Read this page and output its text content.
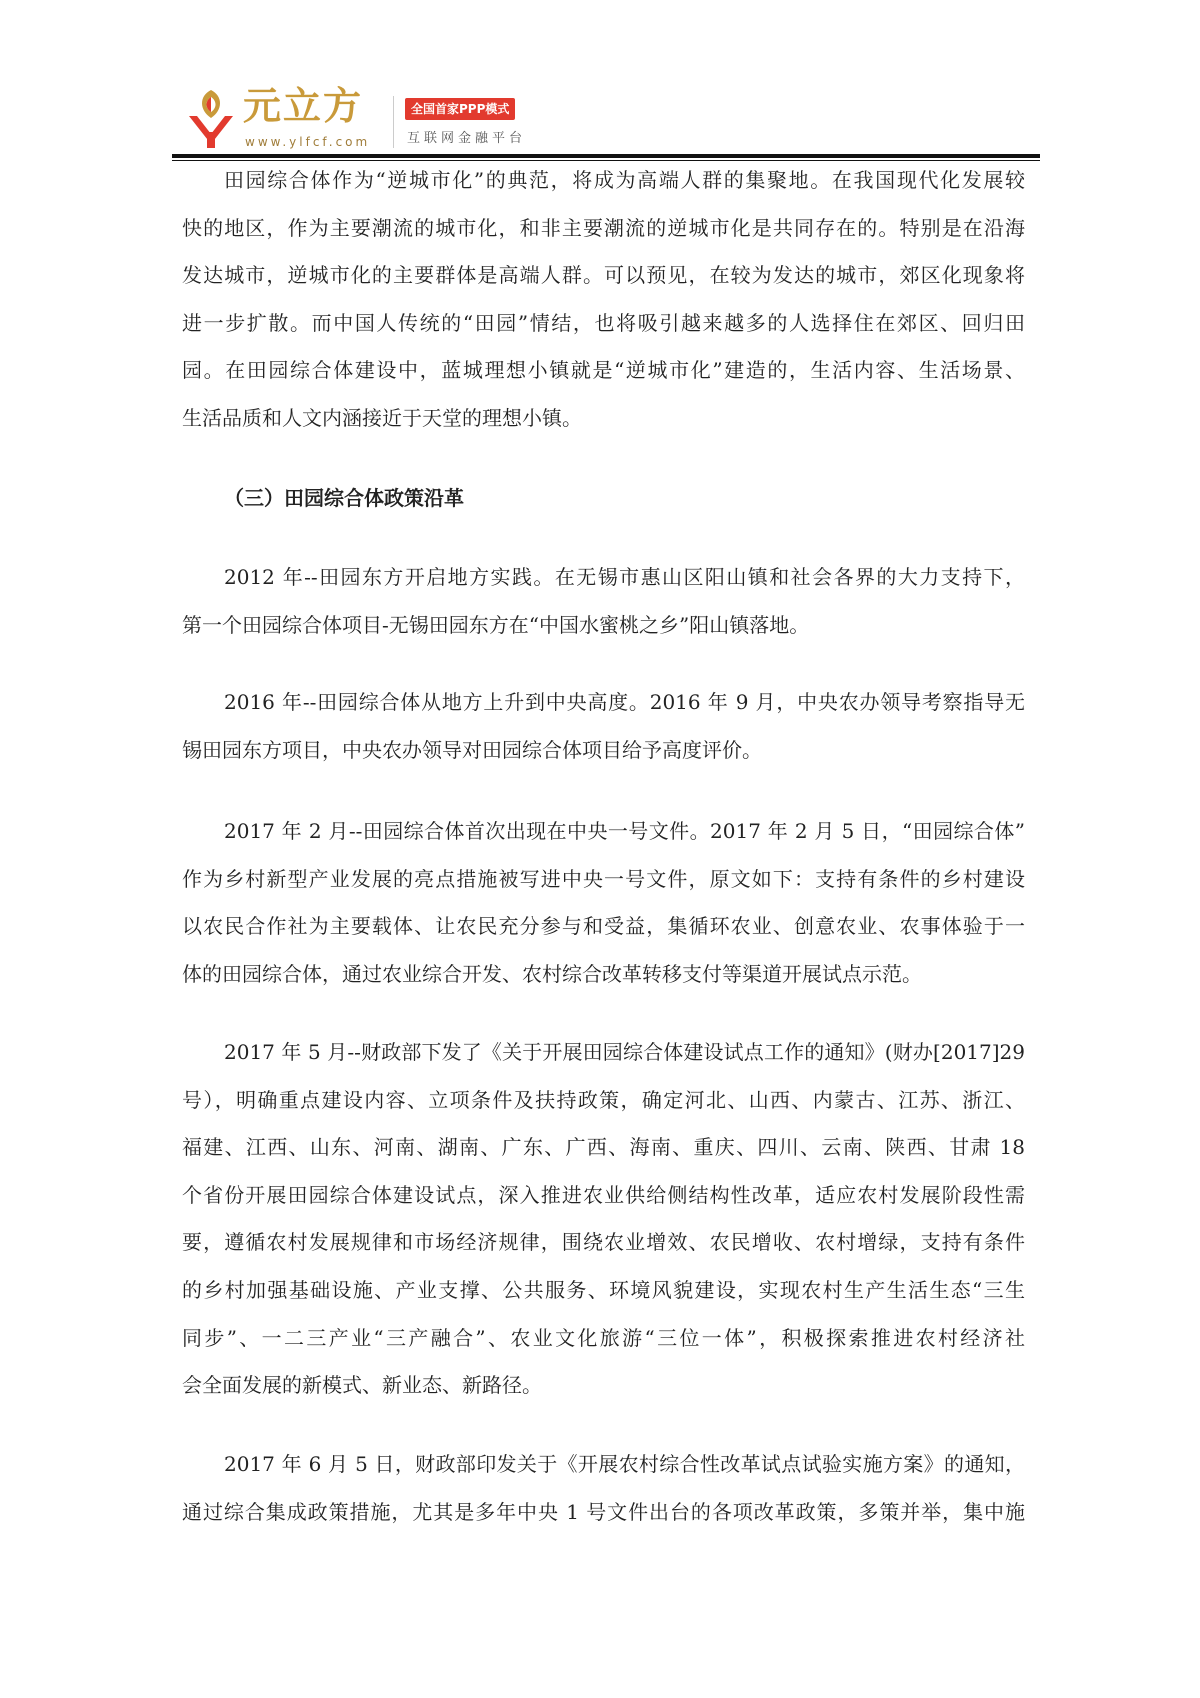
元立方
www.ylfcf.com
全国首家PPP模式
互联网金融平台
田园综合体作为“逆城市化”的典范，将成为高端人群的集聚地。在我国现代化发展较
快的地区，作为主要潮流的城市化，和非主要潮流的逆城市化是共同存在的。特别是在沿海
发达城市，逆城市化的主要群体是高端人群。可以预见，在较为发达的城市，郊区化现象将
进一步扩散。而中国人传统的“田园”情结，也将吸引越来越多的人选择住在郊区、回归田
园。在田园综合体建设中，蓝城理想小镇就是“逆城市化”建造的，生活内容、生活场景、
生活品质和人文内涵接近于天堂的理想小镇。
（三）田园综合体政策沿革
2012 年--田园东方开启地方实践。在无锡市惠山区阳山镇和社会各界的大力支持下，
第一个田园综合体项目-无锡田园东方在“中国水蜜桃之乡”阳山镇落地。
2016 年--田园综合体从地方上升到中央高度。2016 年 9 月，中央农办领导考察指导无
锡田园东方项目，中央农办领导对田园综合体项目给予高度评价。
2017 年 2 月--田园综合体首次出现在中央一号文件。2017 年 2 月 5 日，“田园综合体”
作为乡村新型产业发展的亮点措施被写进中央一号文件，原文如下：支持有条件的乡村建设
以农民合作社为主要载体、让农民充分参与和受益，集循环农业、创意农业、农事体验于一
体的田园综合体，通过农业综合开发、农村综合改革转移支付等渠道开展试点示范。
2017 年 5 月--财政部下发了《关于开展田园综合体建设试点工作的通知》(财办[2017]29
号），明确重点建设内容、立项条件及扶持政策，确定河北、山西、内蒙古、江苏、浙江、
福建、江西、山东、河南、湖南、广东、广西、海南、重庆、四川、云南、陕西、甘肃 18
个省份开展田园综合体建设试点，深入推进农业供给侧结构性改革，适应农村发展阶段性需
要，遵循农村发展规律和市场经济规律，围绕农业增效、农民增收、农村增绿，支持有条件
的乡村加强基础设施、产业支撑、公共服务、环境风貌建设，实现农村生产生活生态“三生
同步”、一二三产业“三产融合”、农业文化旅游“三位一体”，积极探索推进农村经济社
会全面发展的新模式、新业态、新路径。
2017 年 6 月 5 日，财政部印发关于《开展农村综合性改革试点试验实施方案》的通知，
通过综合集成政策措施，尤其是多年中央 1 号文件出台的各项改革政策，多策并举，集中施
